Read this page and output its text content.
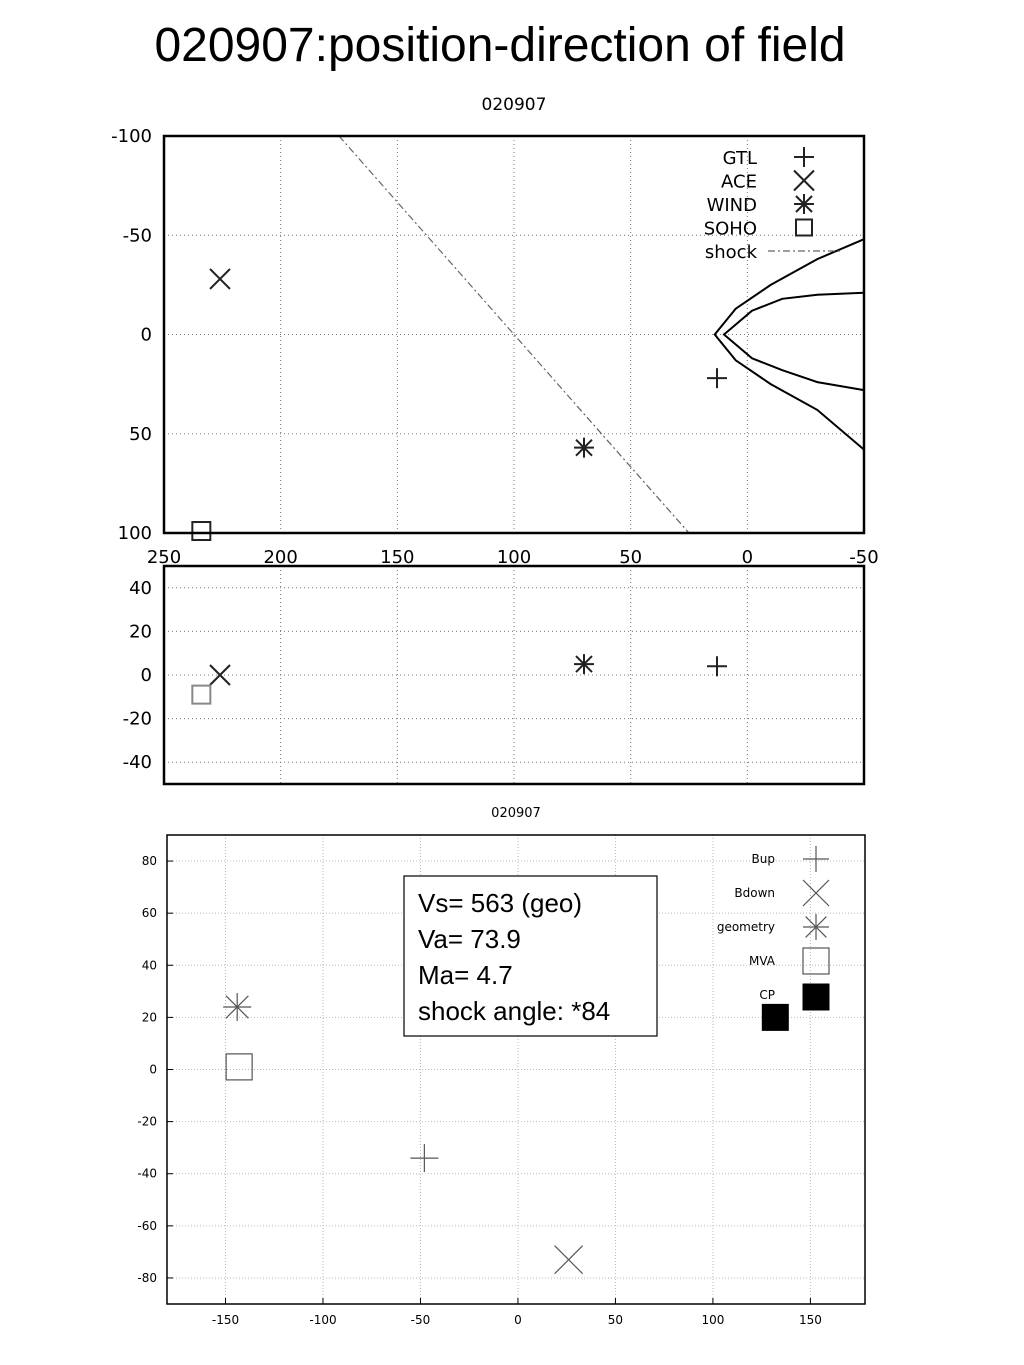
020907:position-direction of field
020907
250	200	150	100	50	0	-50
-100
-50
0
50
100
GTL
ACE
WIND
SOHO
shock
40
20
0
-20
-40
020907
-150	-100	-50	0	50	100	150
80
60
40
20
0
-20
-40
-60
-80
Bup
Bdown
geometry
MVA
CP
Vs= 563 (geo)
Va= 73.9
Ma= 4.7
shock angle: *84
